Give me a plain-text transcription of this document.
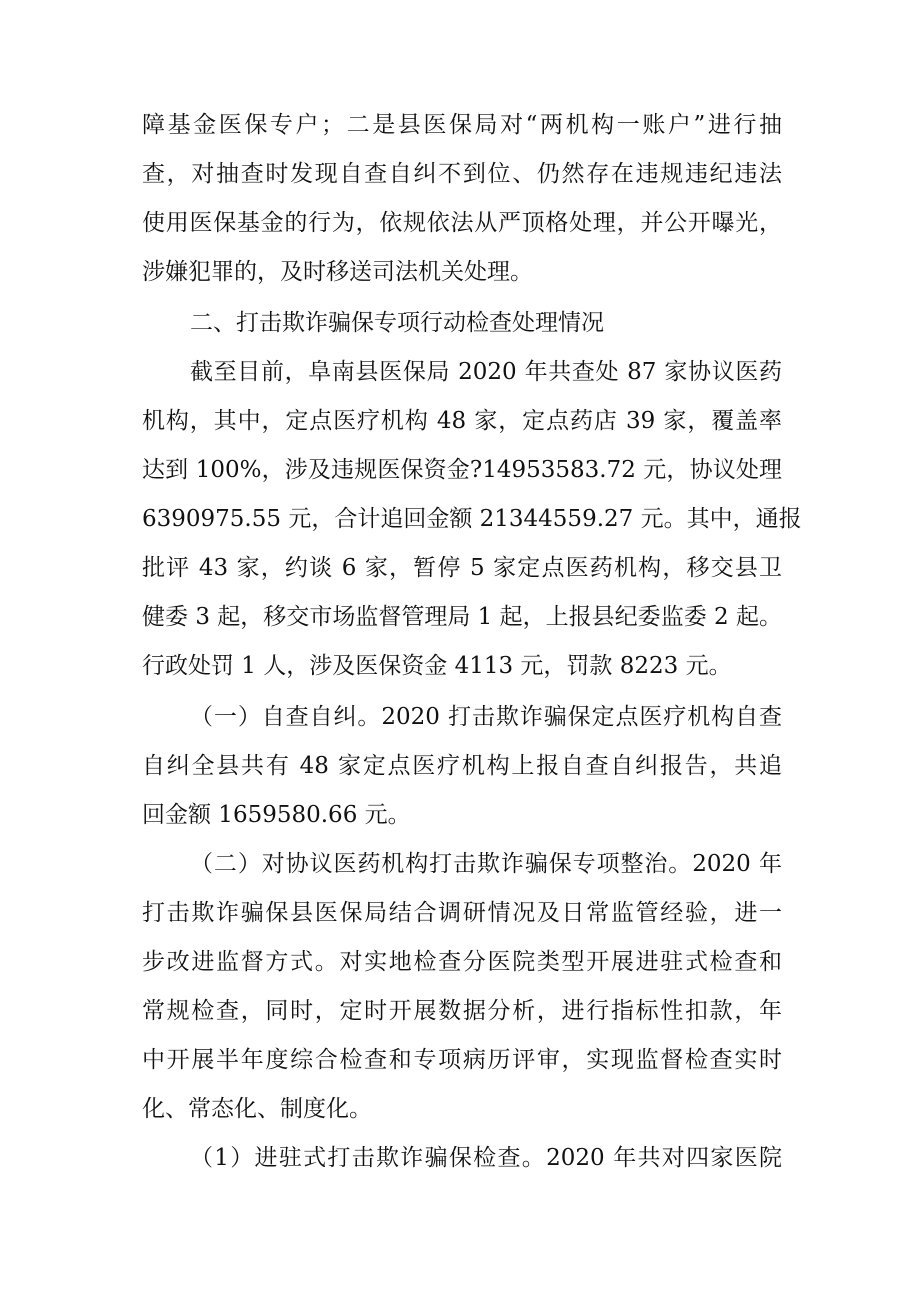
障基金医保专户；二是县医保局对“两机构一账户”进行抽
查，对抽查时发现自查自纠不到位、仍然存在违规违纪违法
使用医保基金的行为，依规依法从严顶格处理，并公开曝光，
涉嫌犯罪的，及时移送司法机关处理。
二、打击欺诈骗保专项行动检查处理情况
截至目前，阜南县医保局 2020 年共查处 87 家协议医药
机构，其中，定点医疗机构 48 家，定点药店 39 家，覆盖率
达到 100%，涉及违规医保资金?14953583.72 元，协议处理
6390975.55 元，合计追回金额 21344559.27 元。其中，通报
批评 43 家，约谈 6 家，暂停 5 家定点医药机构，移交县卫
健委 3 起，移交市场监督管理局 1 起，上报县纪委监委 2 起。
行政处罚 1 人，涉及医保资金 4113 元，罚款 8223 元。
（一）自查自纠。2020 打击欺诈骗保定点医疗机构自查
自纠全县共有 48 家定点医疗机构上报自查自纠报告，共追
回金额 1659580.66 元。
（二）对协议医药机构打击欺诈骗保专项整治。2020 年
打击欺诈骗保县医保局结合调研情况及日常监管经验，进一
步改进监督方式。对实地检查分医院类型开展进驻式检查和
常规检查，同时，定时开展数据分析，进行指标性扣款，年
中开展半年度综合检查和专项病历评审，实现监督检查实时
化、常态化、制度化。
（1）进驻式打击欺诈骗保检查。2020 年共对四家医院
